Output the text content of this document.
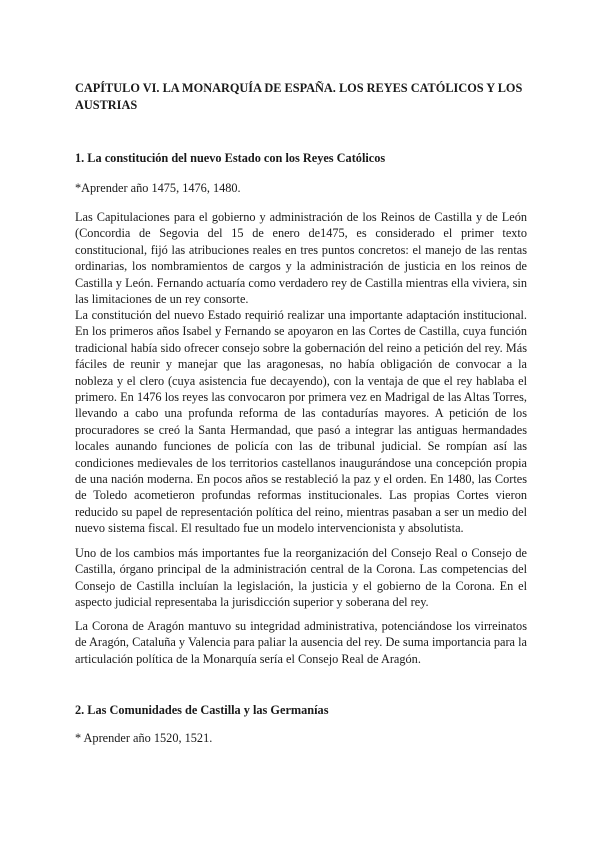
CAPÍTULO VI. LA MONARQUÍA DE ESPAÑA. LOS REYES CATÓLICOS Y LOS AUSTRIAS
1. La constitución del nuevo Estado con los Reyes Católicos

*Aprender año 1475, 1476, 1480.

Las Capitulaciones para el gobierno y administración de los Reinos de Castilla y de León (Concordia de Segovia del 15 de enero de1475, es considerado el primer texto constitucional, fijó las atribuciones reales en tres puntos concretos: el manejo de las rentas ordinarias, los nombramientos de cargos y la administración de justicia en los reinos de Castilla y León. Fernando actuaría como verdadero rey de Castilla mientras ella viviera, sin las limitaciones de un rey consorte.

La constitución del nuevo Estado requirió realizar una importante adaptación institucional. En los primeros años Isabel y Fernando se apoyaron en las Cortes de Castilla, cuya función tradicional había sido ofrecer consejo sobre la gobernación del reino a petición del rey. Más fáciles de reunir y manejar que las aragonesas, no había obligación de convocar a la nobleza y el clero (cuya asistencia fue decayendo), con la ventaja de que el rey hablaba el primero. En 1476 los reyes las convocaron por primera vez en Madrigal de las Altas Torres, llevando a cabo una profunda reforma de las contadurías mayores. A petición de los procuradores se creó la Santa Hermandad, que pasó a integrar las antiguas hermandades locales aunando funciones de policía con las de tribunal judicial. Se rompían así las condiciones medievales de los territorios castellanos inaugurándose una concepción propia de una nación moderna. En pocos años se restableció la paz y el orden. En 1480, las Cortes de Toledo acometieron profundas reformas institucionales. Las propias Cortes vieron reducido su papel de representación política del reino, mientras pasaban a ser un medio del nuevo sistema fiscal. El resultado fue un modelo intervencionista y absolutista.

Uno de los cambios más importantes fue la reorganización del Consejo Real o Consejo de Castilla, órgano principal de la administración central de la Corona. Las competencias del Consejo de Castilla incluían la legislación, la justicia y el gobierno de la Corona. En el aspecto judicial representaba la jurisdicción superior y soberana del rey.

La Corona de Aragón mantuvo su integridad administrativa, potenciándose los virreinatos de Aragón, Cataluña y Valencia para paliar la ausencia del rey. De suma importancia para la articulación política de la Monarquía sería el Consejo Real de Aragón.

2. Las Comunidades de Castilla y las Germanías

* Aprender año 1520, 1521.
